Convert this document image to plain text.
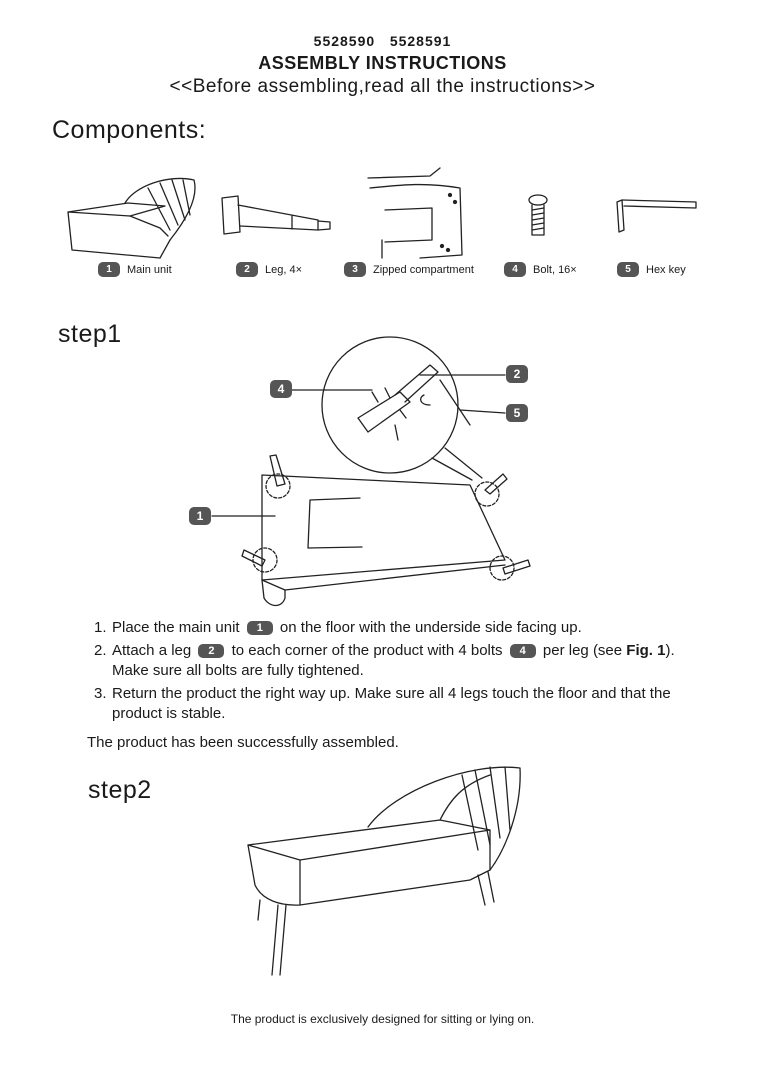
5528590   5528591
ASSEMBLY INSTRUCTIONS
<<Before assembling,read all the instructions>>
Components:
1	Main unit	2	Leg, 4×	3	Zipped compartment	4	Bolt, 16×	5	Hex key
step1
4
2
5
1
1. Place the main unit 1 on the floor with the underside side facing up.
2. Attach a leg 2 to each corner of the product with 4 bolts 4 per leg (see Fig. 1).
Make sure all bolts are fully tightened.
3. Return the product the right way up. Make sure all 4 legs touch the floor and that the product is stable.
The product has been successfully assembled.
step2
The product is exclusively designed for sitting or lying on.
